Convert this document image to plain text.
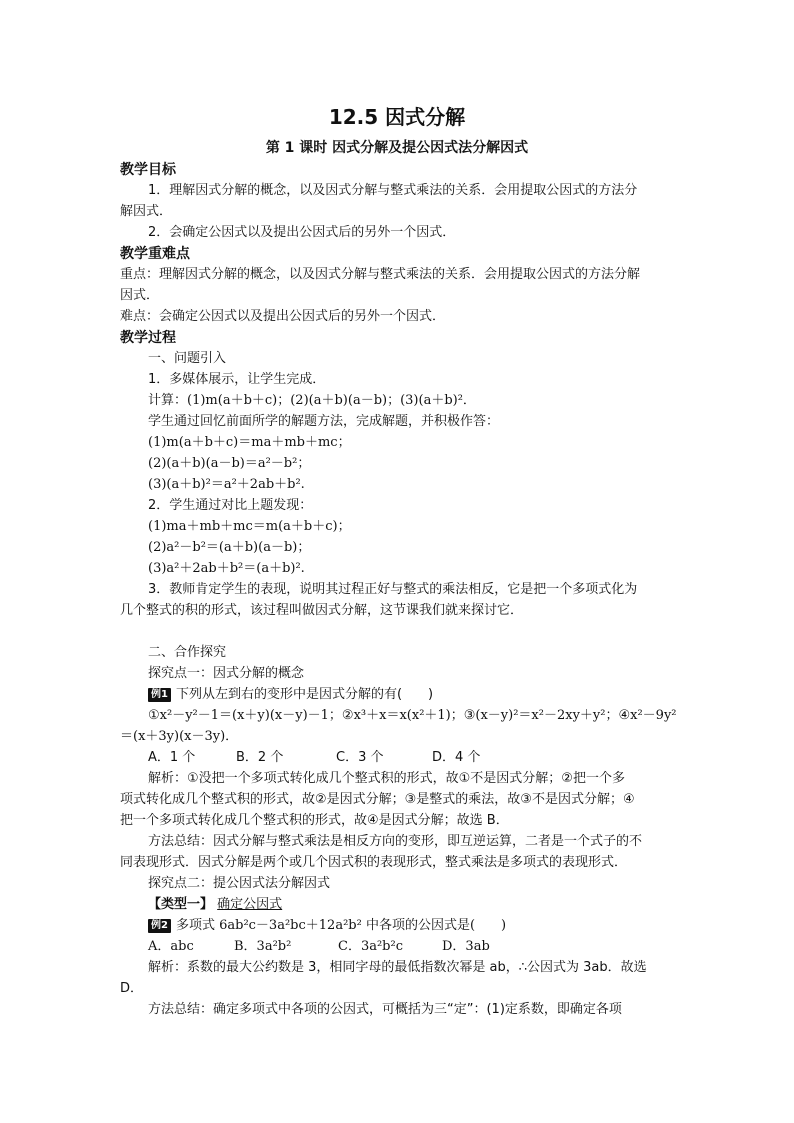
12.5 因式分解
第 1 课时 因式分解及提公因式法分解因式
教学目标
1．理解因式分解的概念，以及因式分解与整式乘法的关系．会用提取公因式的方法分
解因式．
2．会确定公因式以及提出公因式后的另外一个因式．
教学重难点
重点：理解因式分解的概念，以及因式分解与整式乘法的关系．会用提取公因式的方法分解
因式．
难点：会确定公因式以及提出公因式后的另外一个因式．
教学过程
一、问题引入
1．多媒体展示，让学生完成．
计算：(1)m(a＋b＋c)；(2)(a＋b)(a－b)；(3)(a＋b)²．
学生通过回忆前面所学的解题方法，完成解题，并积极作答：
(1)m(a＋b＋c)＝ma＋mb＋mc；
(2)(a＋b)(a－b)＝a²－b²；
(3)(a＋b)²＝a²＋2ab＋b².
2．学生通过对比上题发现：
(1)ma＋mb＋mc＝m(a＋b＋c)；
(2)a²－b²＝(a＋b)(a－b)；
(3)a²＋2ab＋b²＝(a＋b)².
3．教师肯定学生的表现，说明其过程正好与整式的乘法相反，它是把一个多项式化为
几个整式的积的形式，该过程叫做因式分解，这节课我们就来探讨它．
二、合作探究
探究点一：因式分解的概念
例1 下列从左到右的变形中是因式分解的有(　　)
①x²－y²－1＝(x＋y)(x－y)－1；②x³＋x＝x(x²＋1)；③(x－y)²＝x²－2xy＋y²；④x²－9y²
＝(x＋3y)(x－3y)．
A．1 个	B．2 个	C．3 个	D．4 个
解析：①没把一个多项式转化成几个整式积的形式，故①不是因式分解；②把一个多
项式转化成几个整式积的形式，故②是因式分解；③是整式的乘法，故③不是因式分解；④
把一个多项式转化成几个整式积的形式，故④是因式分解；故选 B．
方法总结：因式分解与整式乘法是相反方向的变形，即互逆运算，二者是一个式子的不
同表现形式．因式分解是两个或几个因式积的表现形式，整式乘法是多项式的表现形式．
探究点二：提公因式法分解因式
【类型一】 确定公因式
例2 多项式 6ab²c－3a²bc＋12a²b² 中各项的公因式是(　　)
A．abc	B．3a²b²	C．3a²b²c	D．3ab
解析：系数的最大公约数是 3，相同字母的最低指数次幂是 ab，∴公因式为 3ab．故选
D．
方法总结：确定多项式中各项的公因式，可概括为三“定”：(1)定系数，即确定各项
